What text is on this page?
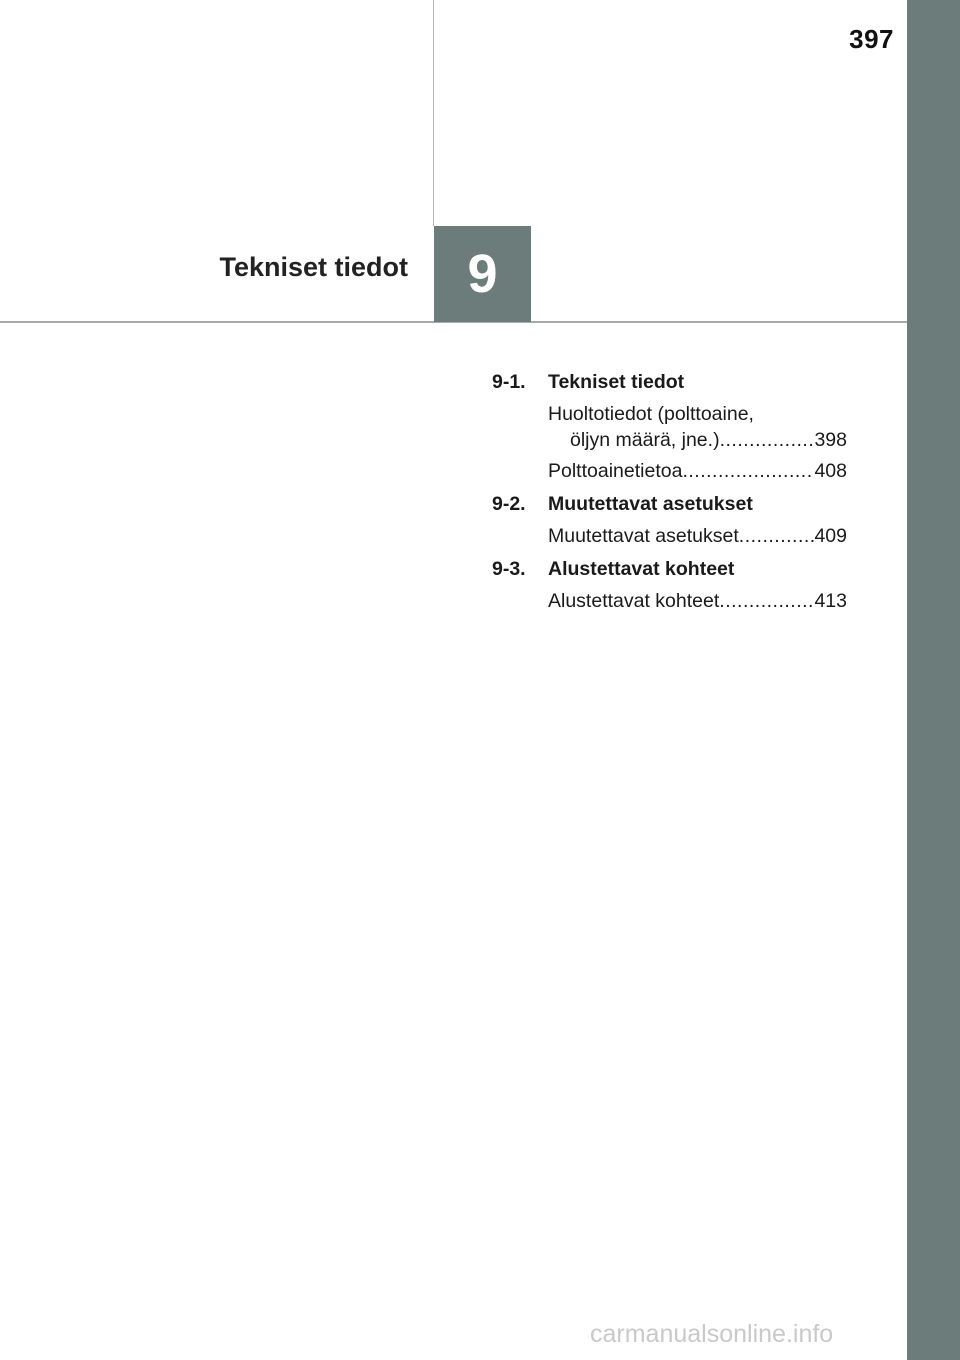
397
Tekniset tiedot	9
9-1.	Tekniset tiedot
Huoltotiedot (polttoaine,
öljyn määrä, jne.) .....	398
Polttoainetietoa .....	408
9-2.	Muutettavat asetukset
Muutettavat asetukset .....	409
9-3.	Alustettavat kohteet
Alustettavat kohteet .....	413
carmanualsonline.info
